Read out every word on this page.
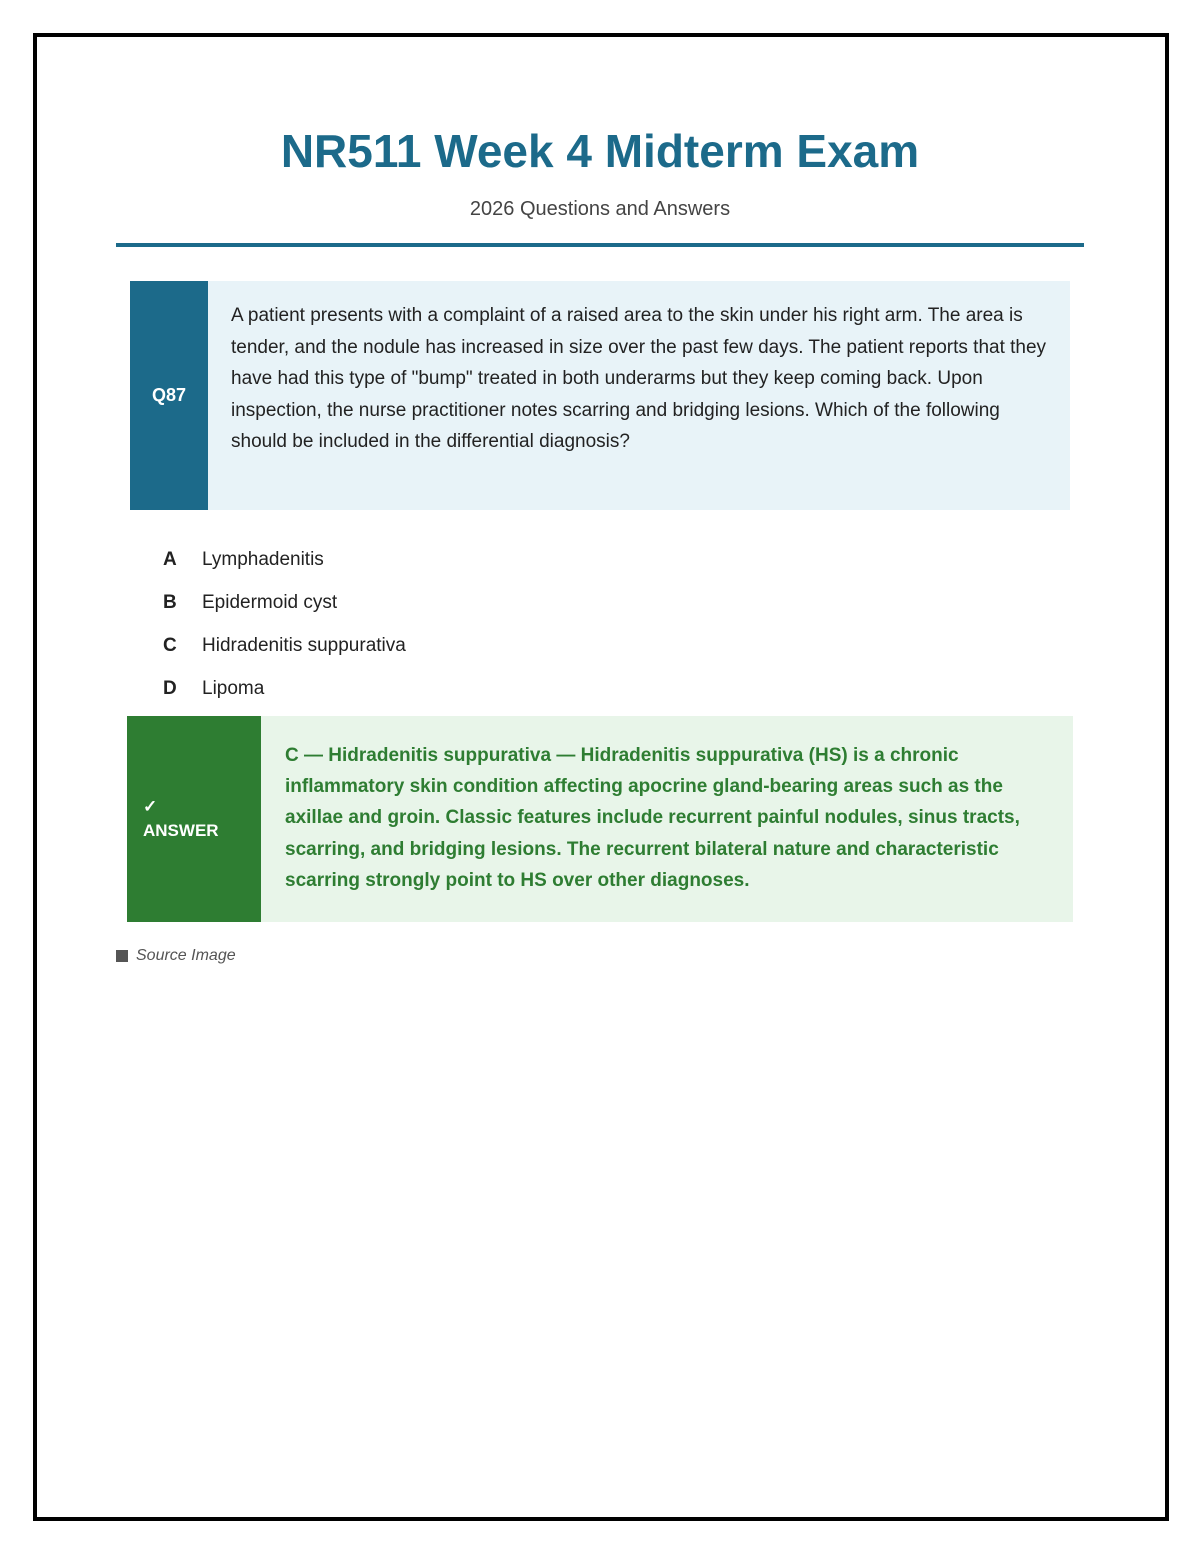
NR511 Week 4 Midterm Exam
2026 Questions and Answers
Q87
A patient presents with a complaint of a raised area to the skin under his right arm. The area is tender, and the nodule has increased in size over the past few days. The patient reports that they have had this type of "bump" treated in both underarms but they keep coming back. Upon inspection, the nurse practitioner notes scarring and bridging lesions. Which of the following should be included in the differential diagnosis?
A	Lymphadenitis
B	Epidermoid cyst
C	Hidradenitis suppurativa
D	Lipoma
✓
ANSWER
C — Hidradenitis suppurativa — Hidradenitis suppurativa (HS) is a chronic inflammatory skin condition affecting apocrine gland-bearing areas such as the axillae and groin. Classic features include recurrent painful nodules, sinus tracts, scarring, and bridging lesions. The recurrent bilateral nature and characteristic scarring strongly point to HS over other diagnoses.
Source Image
